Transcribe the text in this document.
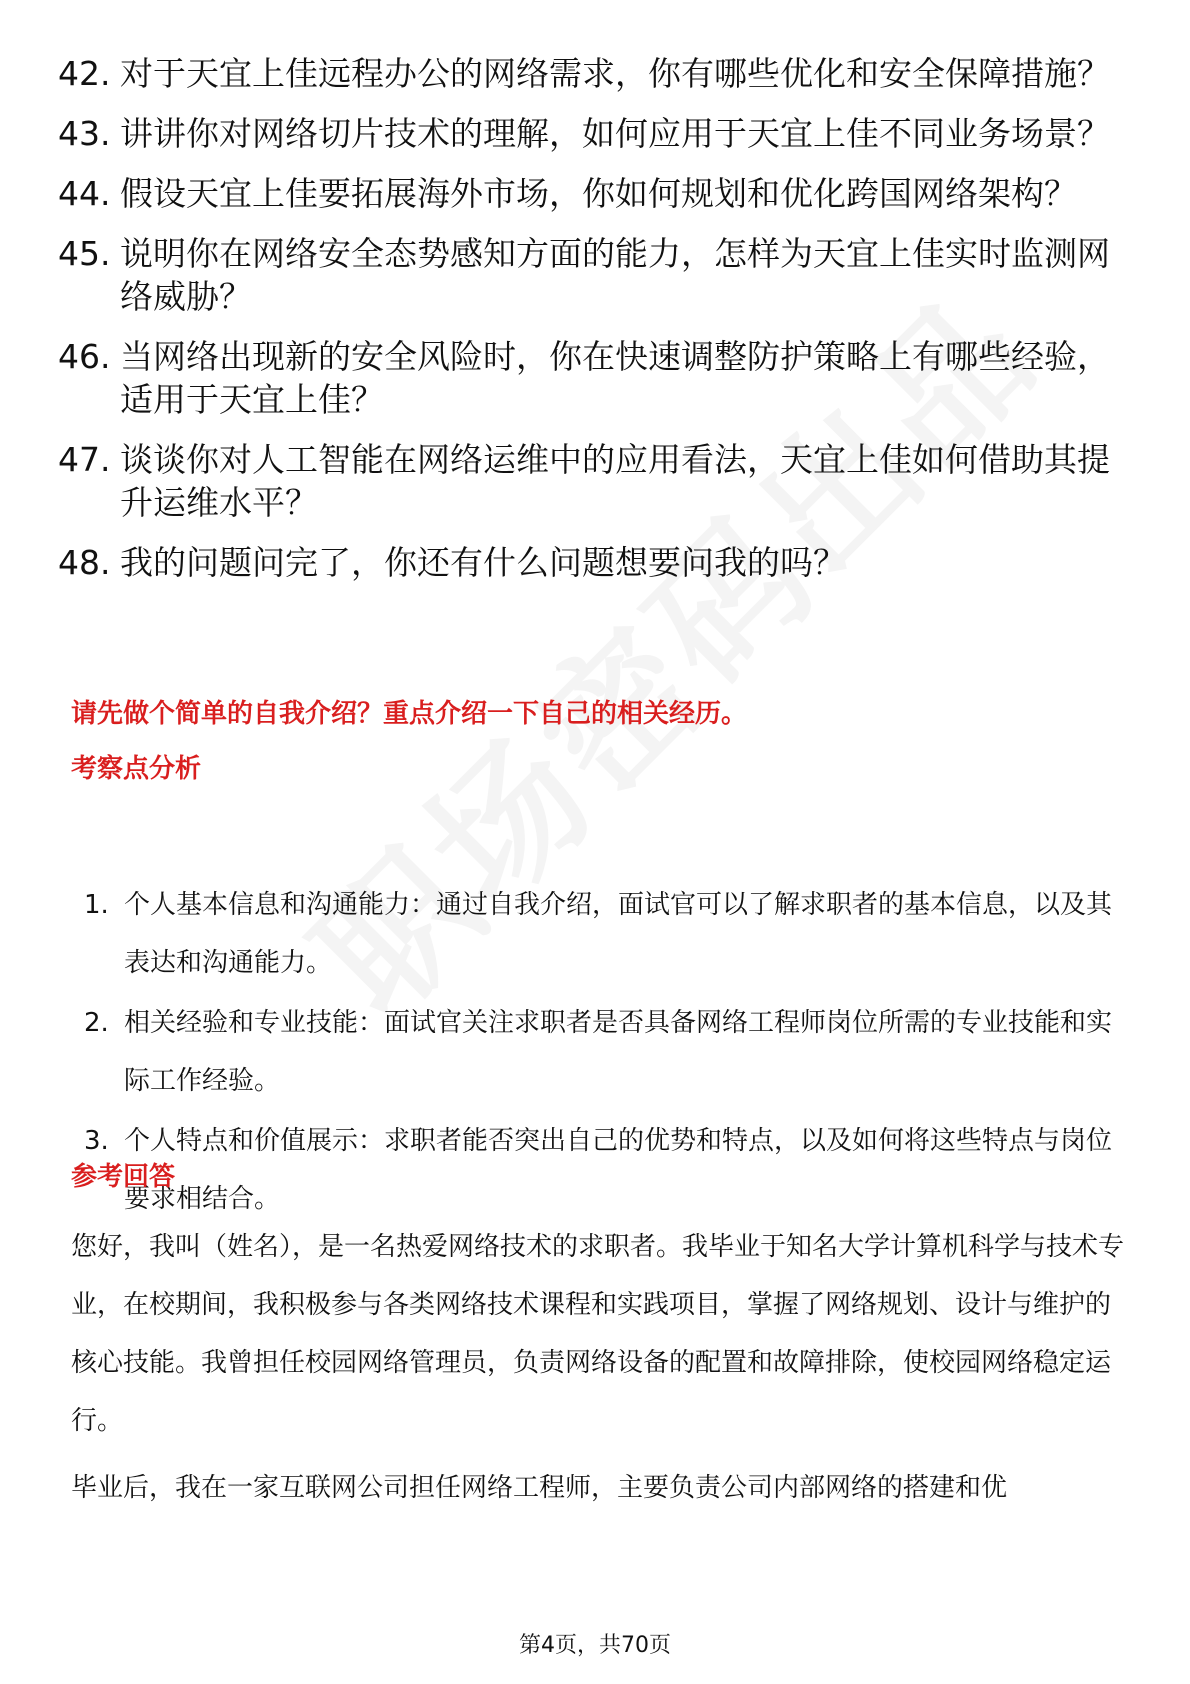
42. 对于天宜上佳远程办公的网络需求，你有哪些优化和安全保障措施？
43. 讲讲你对网络切片技术的理解，如何应用于天宜上佳不同业务场景？
44. 假设天宜上佳要拓展海外市场，你如何规划和优化跨国网络架构？
45. 说明你在网络安全态势感知方面的能力，怎样为天宜上佳实时监测网络威胁？
46. 当网络出现新的安全风险时，你在快速调整防护策略上有哪些经验，适用于天宜上佳？
47. 谈谈你对人工智能在网络运维中的应用看法，天宜上佳如何借助其提升运维水平？
48. 我的问题问完了，你还有什么问题想要问我的吗？
请先做个简单的自我介绍？重点介绍一下自己的相关经历。
考察点分析
1. 个人基本信息和沟通能力：通过自我介绍，面试官可以了解求职者的基本信息，以及其表达和沟通能力。
2. 相关经验和专业技能：面试官关注求职者是否具备网络工程师岗位所需的专业技能和实际工作经验。
3. 个人特点和价值展示：求职者能否突出自己的优势和特点，以及如何将这些特点与岗位要求相结合。
参考回答
您好，我叫（姓名），是一名热爱网络技术的求职者。我毕业于知名大学计算机科学与技术专业，在校期间，我积极参与各类网络技术课程和实践项目，掌握了网络规划、设计与维护的核心技能。我曾担任校园网络管理员，负责网络设备的配置和故障排除，使校园网络稳定运行。
毕业后，我在一家互联网公司担任网络工程师，主要负责公司内部网络的搭建和优
第4页，共70页
